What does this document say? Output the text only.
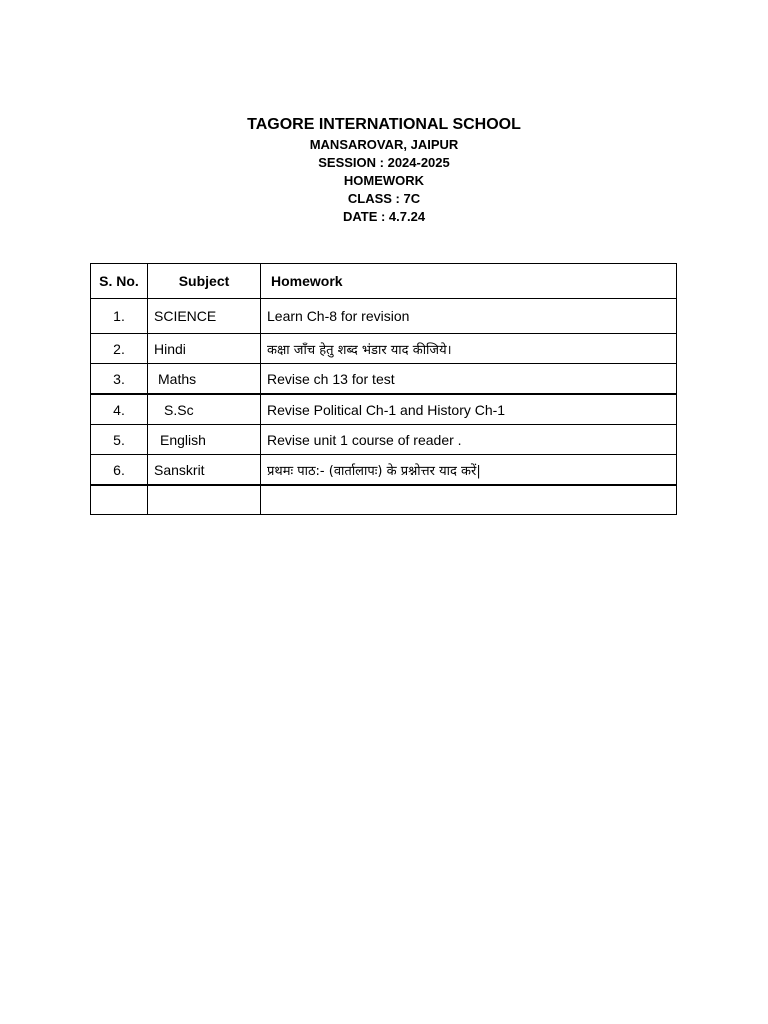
TAGORE INTERNATIONAL SCHOOL

MANSAROVAR, JAIPUR

SESSION : 2024-2025

HOMEWORK

CLASS : 7C

DATE : 4.7.24

S. No.	Subject	Homework
1.	SCIENCE	Learn Ch-8 for revision
2.	Hindi	कक्षा जाँच हेतु शब्द भंडार याद कीजिये।
3.	Maths	Revise ch 13 for test
4.	S.Sc	Revise Political Ch-1 and History Ch-1
5.	English	Revise unit 1 course of reader .
6.	Sanskrit	प्रथमः पाठ:- (वार्तालापः) के प्रश्नोत्तर याद करें|
